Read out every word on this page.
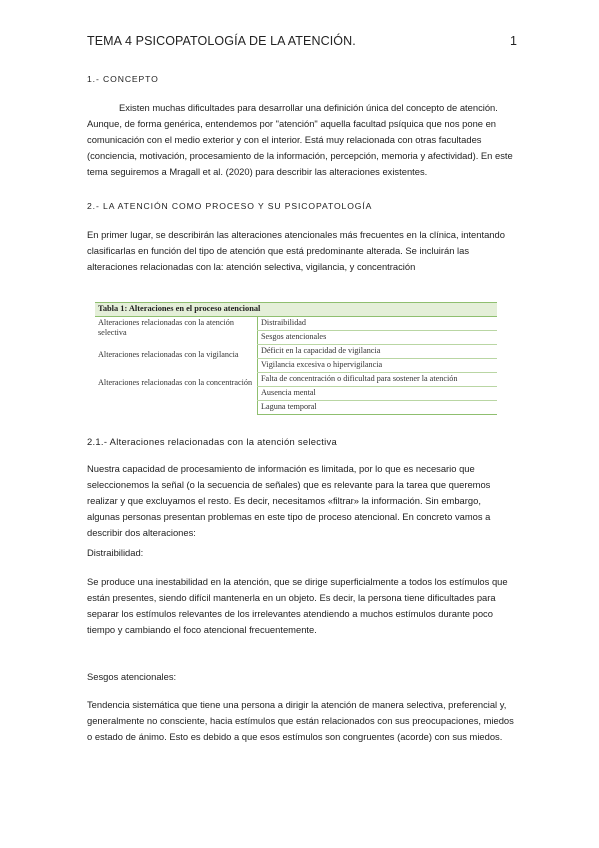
TEMA 4 PSICOPATOLOGÍA DE LA ATENCIÓN.	1
1.- CONCEPTO

Existen muchas dificultades para desarrollar una definición única del concepto de atención. Aunque, de forma genérica, entendemos por "atención" aquella facultad psíquica que nos pone en comunicación con el medio exterior y con el interior. Está muy relacionada con otras facultades (conciencia, motivación, procesamiento de la información, percepción, memoria y afectividad). En este tema seguiremos a Mragall et al. (2020) para describir las alteraciones existentes.

2.- LA ATENCIÓN COMO PROCESO Y SU PSICOPATOLOGÍA

En primer lugar, se describirán las alteraciones atencionales más frecuentes en la clínica, intentando clasificarlas en función del tipo de atención que está predominante alterada. Se incluirán las alteraciones relacionadas con la: atención selectiva, vigilancia, y concentración

Tabla 1: Alteraciones en el proceso atencional	
Alteraciones relacionadas con la atención selectiva	Distraibilidad
	Sesgos atencionales
Alteraciones relacionadas con la vigilancia	Déficit en la capacidad de vigilancia
	Vigilancia excesiva o hipervigilancia
Alteraciones relacionadas con la concentración	Falta de concentración o dificultad para sostener la atención
	Ausencia mental
	Laguna temporal
2.1.- Alteraciones relacionadas con la atención selectiva

Nuestra capacidad de procesamiento de información es limitada, por lo que es necesario que seleccionemos la señal (o la secuencia de señales) que es relevante para la tarea que queremos realizar y que excluyamos el resto. Es decir, necesitamos «filtrar» la información. Sin embargo, algunas personas presentan problemas en este tipo de proceso atencional. En concreto vamos a describir dos alteraciones:

Distraibilidad:

Se produce una inestabilidad en la atención, que se dirige superficialmente a todos los estímulos que están presentes, siendo difícil mantenerla en un objeto. Es decir, la persona tiene dificultades para separar los estímulos relevantes de los irrelevantes atendiendo a muchos estímulos durante poco tiempo y cambiando el foco atencional frecuentemente.

Sesgos atencionales:

Tendencia sistemática que tiene una persona a dirigir la atención de manera selectiva, preferencial y, generalmente no consciente, hacia estímulos que están relacionados con sus preocupaciones, miedos o estado de ánimo. Esto es debido a que esos estímulos son congruentes (acorde) con sus miedos.
